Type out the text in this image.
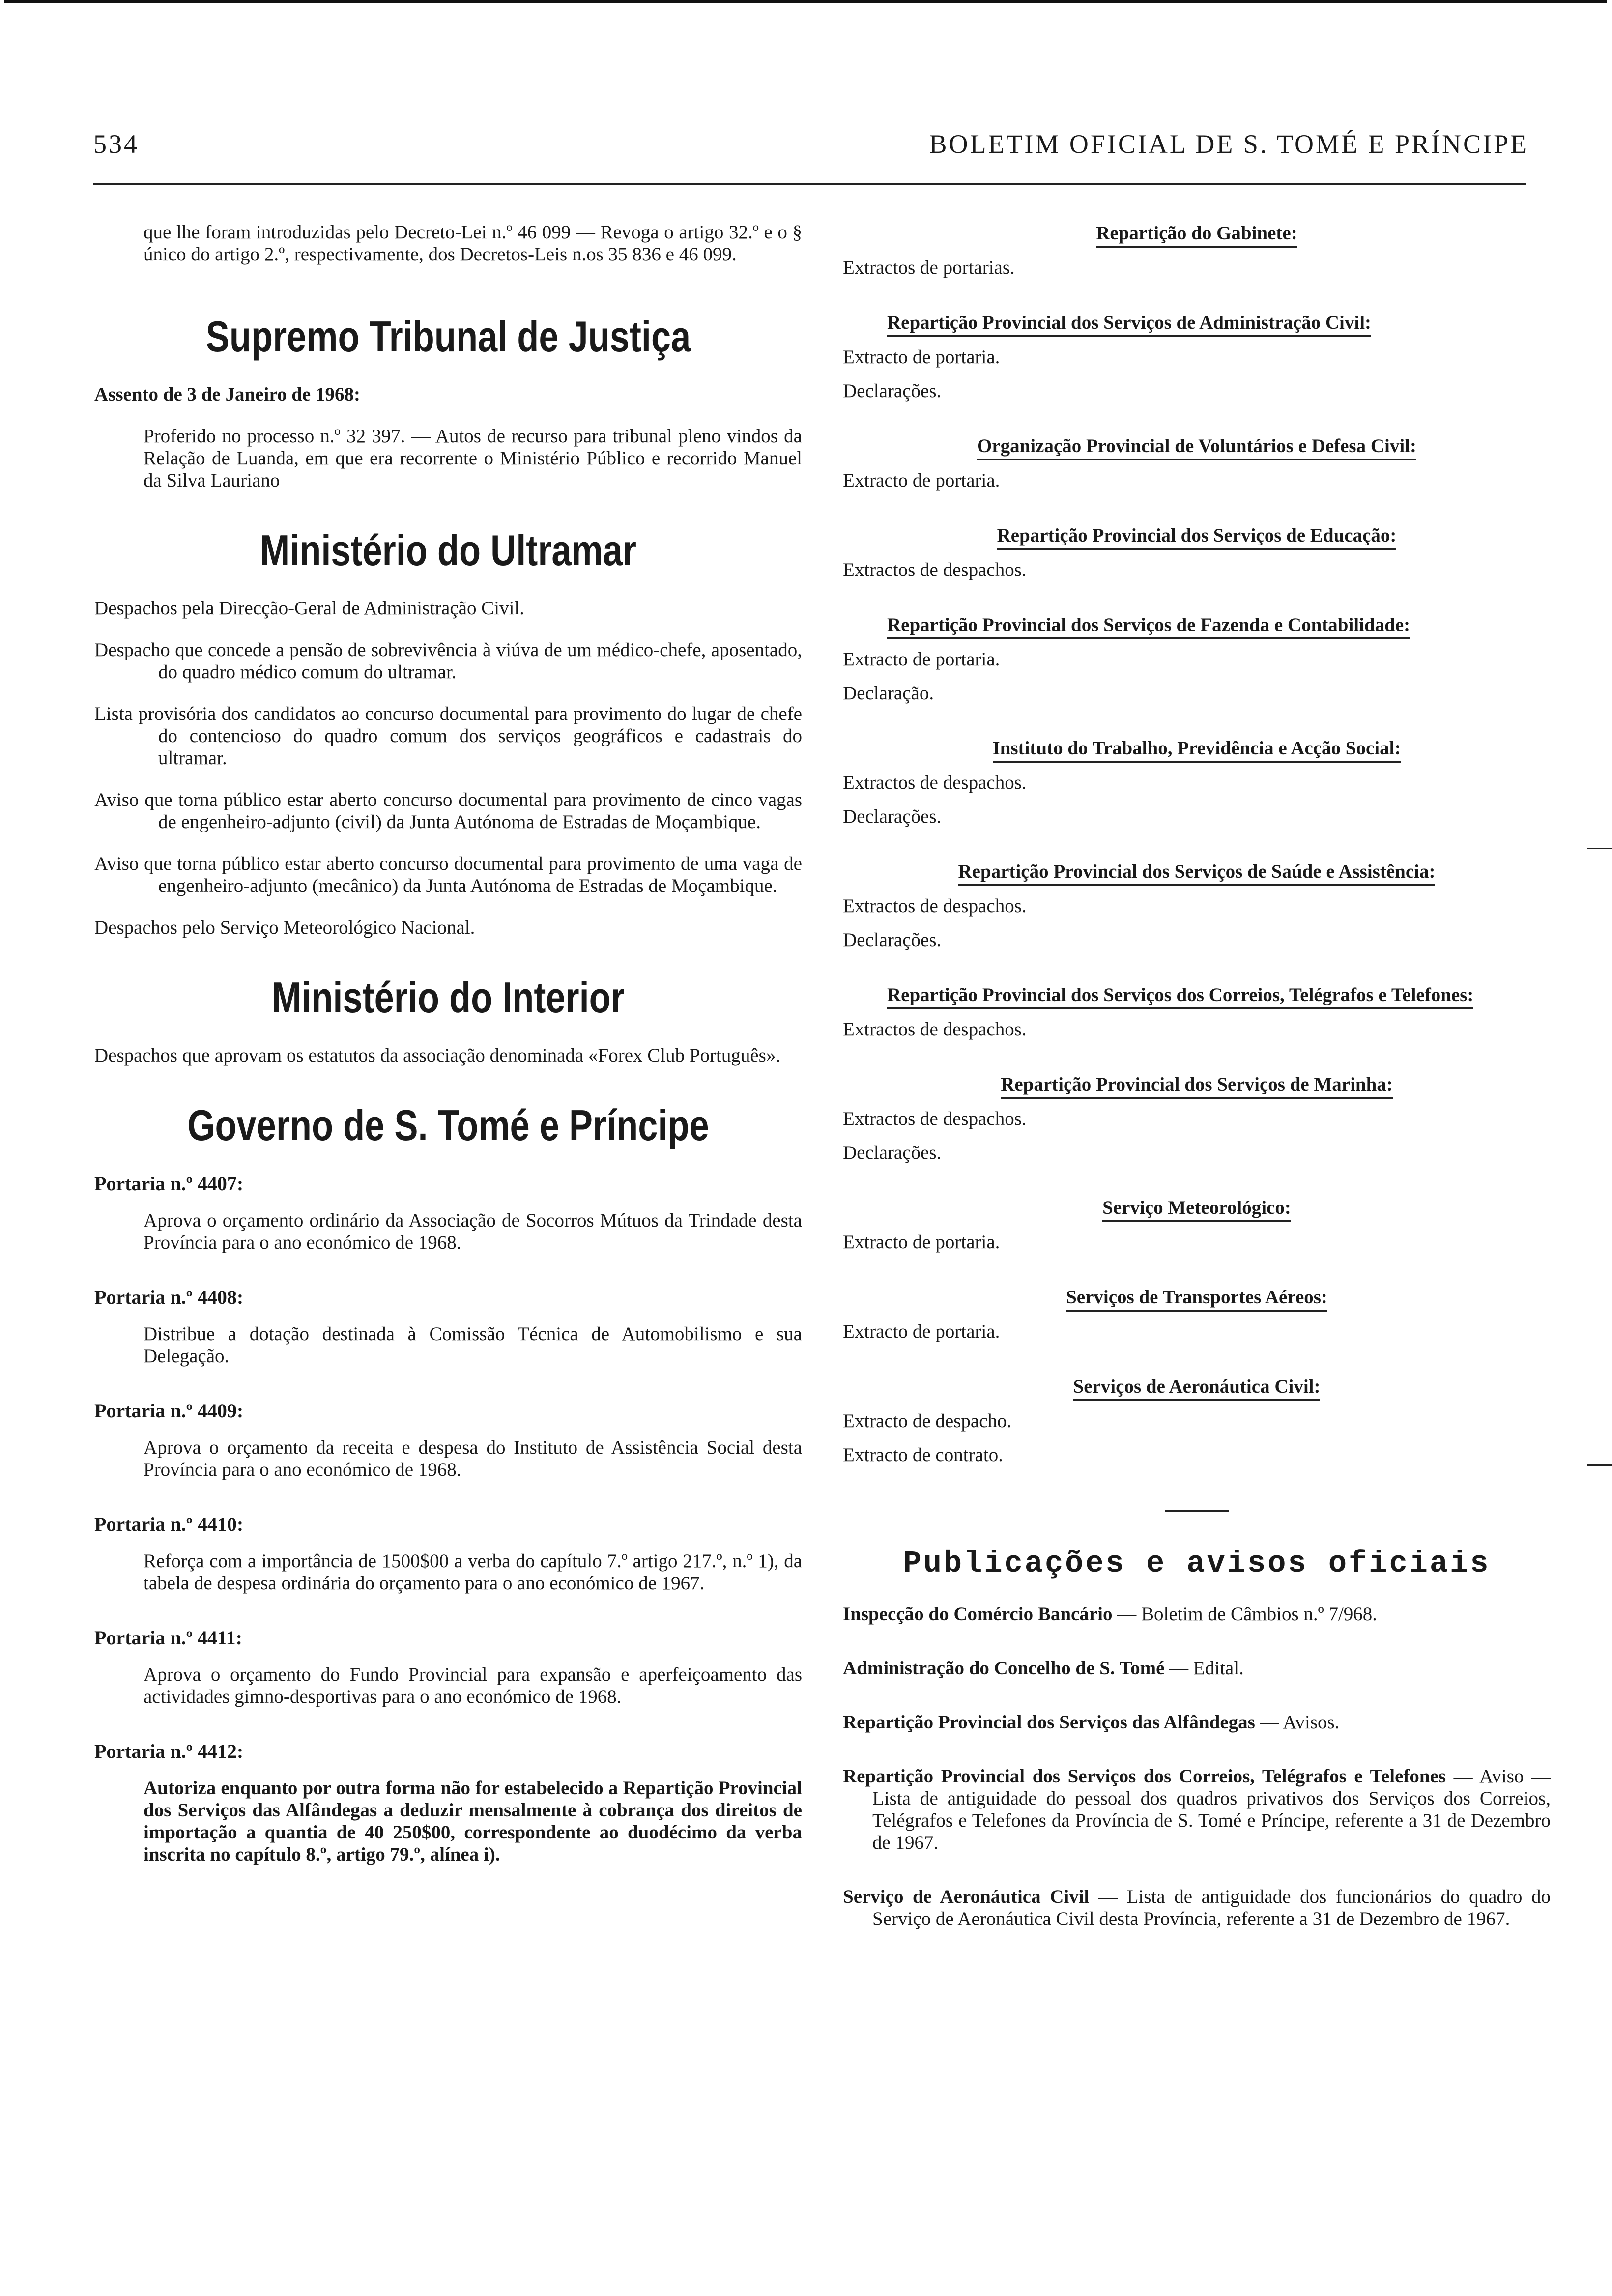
534	BOLETIM OFICIAL DE S. TOMÉ E PRÍNCIPE

que lhe foram introduzidas pelo Decreto-Lei n.º 46 099 — Revoga o artigo 32.º e o § único do artigo 2.º, respectivamente, dos Decretos-Leis n.os 35 836 e 46 099.

Supremo Tribunal de Justiça

Assento de 3 de Janeiro de 1968:

Proferido no processo n.º 32 397. — Autos de recurso para tribunal pleno vindos da Relação de Luanda, em que era recorrente o Ministério Público e recorrido Manuel da Silva Lauriano

Ministério do Ultramar

Despachos pela Direcção-Geral de Administração Civil.

Despacho que concede a pensão de sobrevivência à viúva de um médico-chefe, aposentado, do quadro médico comum do ultramar.

Lista provisória dos candidatos ao concurso documental para provimento do lugar de chefe do contencioso do quadro comum dos serviços geográficos e cadastrais do ultramar.

Aviso que torna público estar aberto concurso documental para provimento de cinco vagas de engenheiro-adjunto (civil) da Junta Autónoma de Estradas de Moçambique.

Aviso que torna público estar aberto concurso documental para provimento de uma vaga de engenheiro-adjunto (mecânico) da Junta Autónoma de Estradas de Moçambique.

Despachos pelo Serviço Meteorológico Nacional.

Ministério do Interior

Despachos que aprovam os estatutos da associação denominada «Forex Club Português».

Governo de S. Tomé e Príncipe

Portaria n.º 4407:

Aprova o orçamento ordinário da Associação de Socorros Mútuos da Trindade desta Província para o ano económico de 1968.

Portaria n.º 4408:

Distribue a dotação destinada à Comissão Técnica de Automobilismo e sua Delegação.

Portaria n.º 4409:

Aprova o orçamento da receita e despesa do Instituto de Assistência Social desta Província para o ano económico de 1968.

Portaria n.º 4410:

Reforça com a importância de 1500$00 a verba do capítulo 7.º artigo 217.º, n.º 1), da tabela de despesa ordinária do orçamento para o ano económico de 1967.

Portaria n.º 4411:

Aprova o orçamento do Fundo Provincial para expansão e aperfeiçoamento das actividades gimno-desportivas para o ano económico de 1968.

Portaria n.º 4412:

Autoriza enquanto por outra forma não for estabelecido a Repartição Provincial dos Serviços das Alfândegas a deduzir mensalmente à cobrança dos direitos de importação a quantia de 40 250$00, correspondente ao duodécimo da verba inscrita no capítulo 8.º, artigo 79.º, alínea i).

Repartição do Gabinete:

Extractos de portarias.

Repartição Provincial dos Serviços de Administração Civil:

Extracto de portaria.

Declarações.

Organização Provincial de Voluntários e Defesa Civil:

Extracto de portaria.

Repartição Provincial dos Serviços de Educação:

Extractos de despachos.

Repartição Provincial dos Serviços de Fazenda e Contabilidade:

Extracto de portaria.

Declaração.

Instituto do Trabalho, Previdência e Acção Social:

Extractos de despachos.

Declarações.

Repartição Provincial dos Serviços de Saúde e Assistência:

Extractos de despachos.

Declarações.

Repartição Provincial dos Serviços dos Correios, Telégrafos e Telefones:

Extractos de despachos.

Repartição Provincial dos Serviços de Marinha:

Extractos de despachos.

Declarações.

Serviço Meteorológico:

Extracto de portaria.

Serviços de Transportes Aéreos:

Extracto de portaria.

Serviços de Aeronáutica Civil:

Extracto de despacho.

Extracto de contrato.

Publicações e avisos oficiais

Inspecção do Comércio Bancário — Boletim de Câmbios n.º 7/968.

Administração do Concelho de S. Tomé — Edital.

Repartição Provincial dos Serviços das Alfândegas — Avisos.

Repartição Provincial dos Serviços dos Correios, Telégrafos e Telefones — Aviso — Lista de antiguidade do pessoal dos quadros privativos dos Serviços dos Correios, Telégrafos e Telefones da Província de S. Tomé e Príncipe, referente a 31 de Dezembro de 1967.

Serviço de Aeronáutica Civil — Lista de antiguidade dos funcionários do quadro do Serviço de Aeronáutica Civil desta Província, referente a 31 de Dezembro de 1967.
